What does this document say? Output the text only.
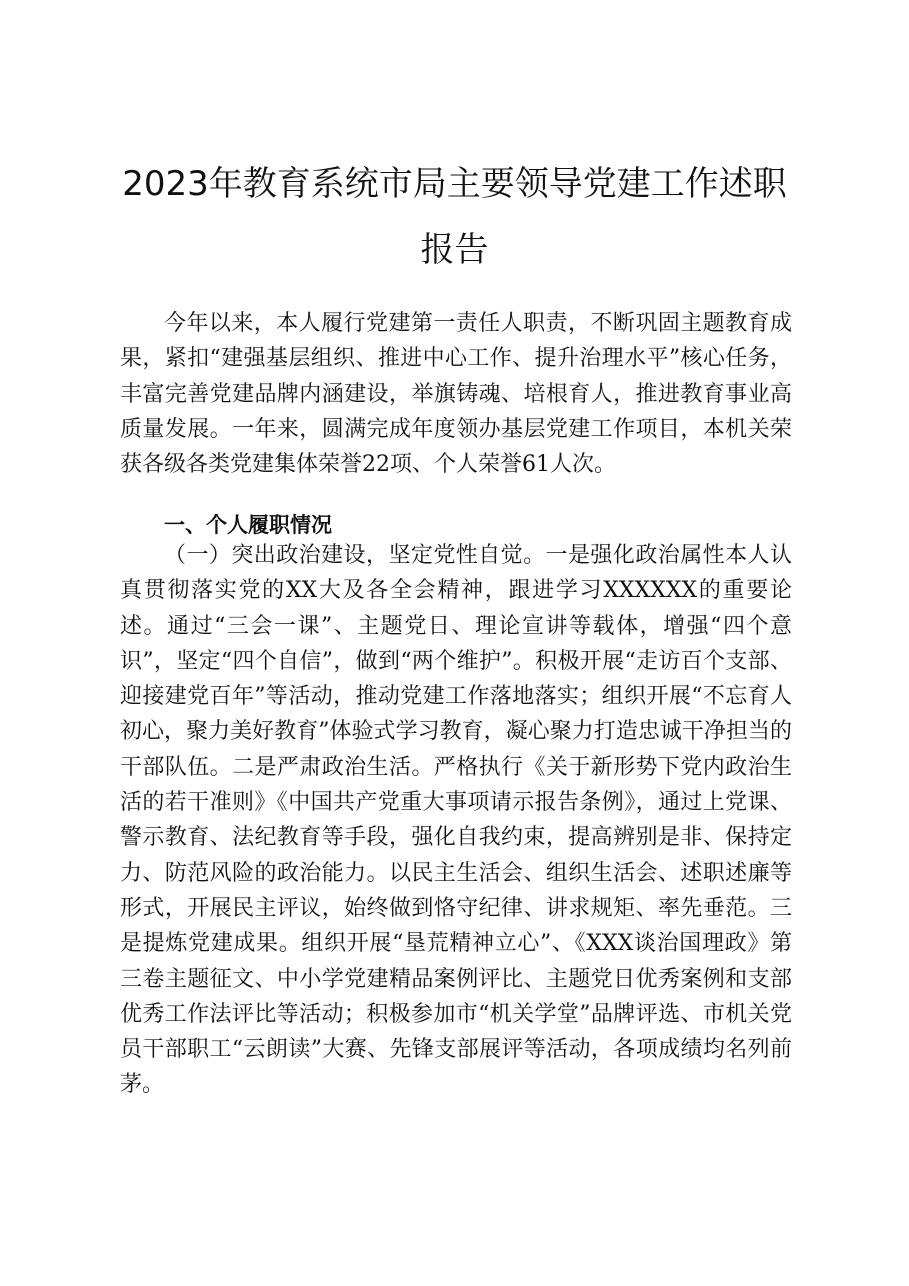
2023年教育系统市局主要领导党建工作述职
报告

今年以来，本人履行党建第一责任人职责，不断巩固主题教育成果，紧扣“建强基层组织、推进中心工作、提升治理水平”核心任务，丰富完善党建品牌内涵建设，举旗铸魂、培根育人，推进教育事业高质量发展。一年来，圆满完成年度领办基层党建工作项目，本机关荣获各级各类党建集体荣誉22项、个人荣誉61人次。

一、个人履职情况

（一）突出政治建设，坚定党性自觉。一是强化政治属性本人认真贯彻落实党的XX大及各全会精神，跟进学习XXXXXX的重要论述。通过“三会一课”、主题党日、理论宣讲等载体，增强“四个意识”，坚定“四个自信”，做到“两个维护”。积极开展“走访百个支部、迎接建党百年”等活动，推动党建工作落地落实；组织开展“不忘育人初心，聚力美好教育”体验式学习教育，凝心聚力打造忠诚干净担当的干部队伍。二是严肃政治生活。严格执行《关于新形势下党内政治生活的若干准则》《中国共产党重大事项请示报告条例》，通过上党课、警示教育、法纪教育等手段，强化自我约束，提高辨别是非、保持定力、防范风险的政治能力。以民主生活会、组织生活会、述职述廉等形式，开展民主评议，始终做到恪守纪律、讲求规矩、率先垂范。三是提炼党建成果。组织开展“垦荒精神立心”、《XXX谈治国理政》第三卷主题征文、中小学党建精品案例评比、主题党日优秀案例和支部优秀工作法评比等活动；积极参加市“机关学堂”品牌评选、市机关党员干部职工“云朗读”大赛、先锋支部展评等活动，各项成绩均名列前茅。
